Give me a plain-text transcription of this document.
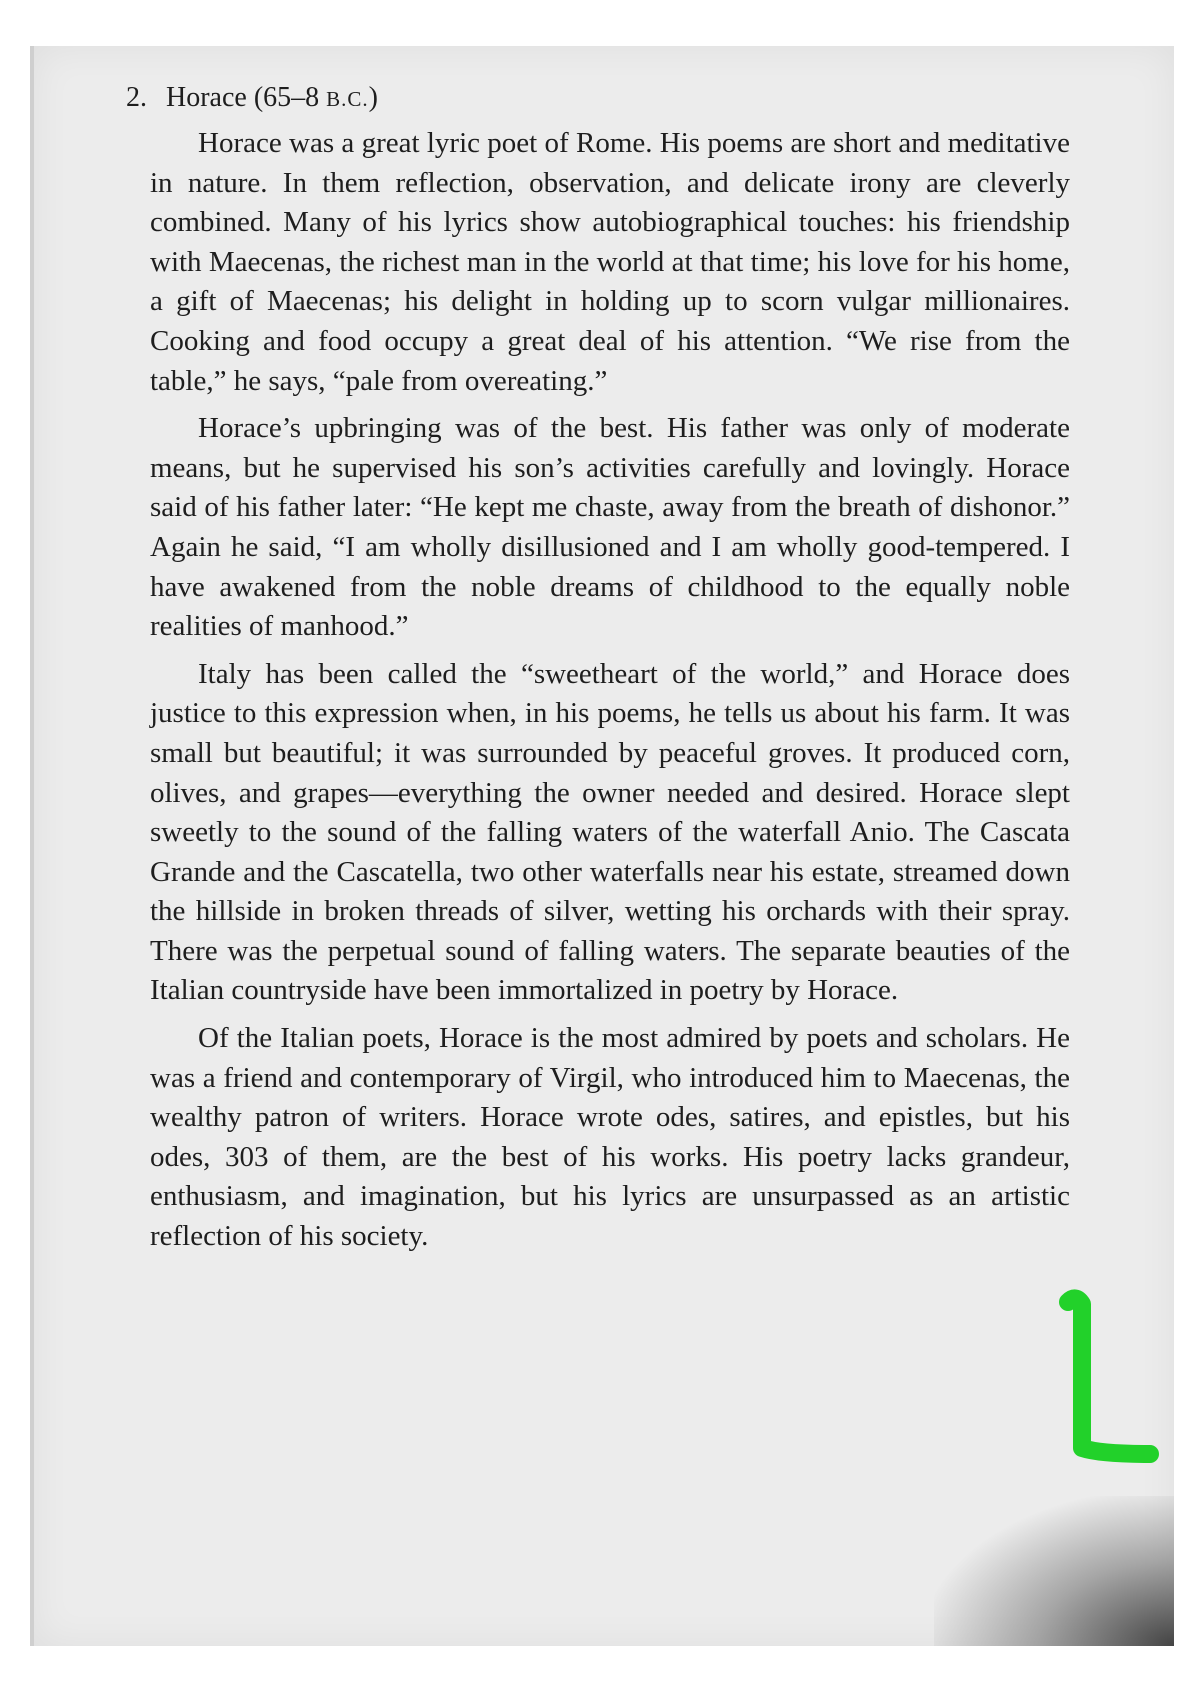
2. Horace (65–8 B.C.)

Horace was a great lyric poet of Rome. His poems are short and meditative in nature. In them reflection, observation, and delicate irony are cleverly combined. Many of his lyrics show autobiographical touches: his friendship with Maecenas, the richest man in the world at that time; his love for his home, a gift of Maecenas; his delight in holding up to scorn vulgar millionaires. Cooking and food occupy a great deal of his attention. “We rise from the table,” he says, “pale from overeating.”

Horace’s upbringing was of the best. His father was only of moderate means, but he supervised his son’s activities carefully and lovingly. Horace said of his father later: “He kept me chaste, away from the breath of dishonor.” Again he said, “I am wholly disillusioned and I am wholly good-tempered. I have awakened from the noble dreams of childhood to the equally noble realities of manhood.”

Italy has been called the “sweetheart of the world,” and Horace does justice to this expression when, in his poems, he tells us about his farm. It was small but beautiful; it was surrounded by peaceful groves. It produced corn, olives, and grapes—everything the owner needed and desired. Horace slept sweetly to the sound of the falling waters of the waterfall Anio. The Cascata Grande and the Cascatella, two other waterfalls near his estate, streamed down the hillside in broken threads of silver, wetting his orchards with their spray. There was the perpetual sound of falling waters. The separate beauties of the Italian countryside have been immortalized in poetry by Horace.

Of the Italian poets, Horace is the most admired by poets and scholars. He was a friend and contemporary of Virgil, who introduced him to Maecenas, the wealthy patron of writers. Horace wrote odes, satires, and epistles, but his odes, 303 of them, are the best of his works. His poetry lacks grandeur, enthusiasm, and imagination, but his lyrics are unsurpassed as an artistic reflection of his society.
